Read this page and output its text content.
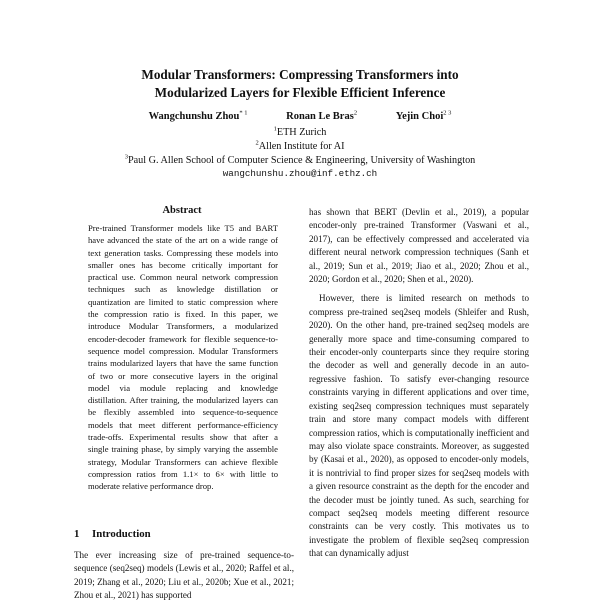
Modular Transformers: Compressing Transformers into
Modularized Layers for Flexible Efficient Inference
Wangchunshu Zhou$^{* 1}$	Ronan Le Bras$^2$	Yejin Choi$^{2 3}$
$^1$ETH Zurich
$^2$Allen Institute for AI
$^3$Paul G. Allen School of Computer Science & Engineering, University of Washington
wangchunshu.zhou@inf.ethz.ch
Abstract

Pre-trained Transformer models like T5 and BART have advanced the state of the art on a wide range of text generation tasks. Compressing these models into smaller ones has become critically important for practical use. Common neural network compression techniques such as knowledge distillation or quantization are limited to static compression where the compression ratio is fixed. In this paper, we introduce Modular Transformers, a modularized encoder-decoder framework for flexible sequence-to-sequence model compression. Modular Transformers trains modularized layers that have the same function of two or more consecutive layers in the original model via module replacing and knowledge distillation. After training, the modularized layers can be flexibly assembled into sequence-to-sequence models that meet different performance-efficiency trade-offs. Experimental results show that after a single training phase, by simply varying the assemble strategy, Modular Transformers can achieve flexible compression ratios from 1.1× to 6× with little to moderate relative performance drop.

1 Introduction

The ever increasing size of pre-trained sequence-to-sequence (seq2seq) models (Lewis et al., 2020; Raffel et al., 2019; Zhang et al., 2020; Liu et al., 2020b; Xue et al., 2021; Zhou et al., 2021) has supported

has shown that BERT (Devlin et al., 2019), a popular encoder-only pre-trained Transformer (Vaswani et al., 2017), can be effectively compressed and accelerated via different neural network compression techniques (Sanh et al., 2019; Sun et al., 2019; Jiao et al., 2020; Zhou et al., 2020; Gordon et al., 2020; Shen et al., 2020).

However, there is limited research on methods to compress pre-trained seq2seq models (Shleifer and Rush, 2020). On the other hand, pre-trained seq2seq models are generally more space and time-consuming compared to their encoder-only counterparts since they require storing the decoder as well and generally decode in an auto-regressive fashion. To satisfy ever-changing resource constraints varying in different applications and over time, existing seq2seq compression techniques must separately train and store many compact models with different compression ratios, which is computationally inefficient and may also violate space constraints. Moreover, as suggested by (Kasai et al., 2020), as opposed to encoder-only models, it is nontrivial to find proper sizes for seq2seq models with a given resource constraint as the depth for the encoder and the decoder must be jointly tuned. As such, searching for compact seq2seq models meeting different resource constraints can be very costly. This motivates us to investigate the problem of flexible seq2seq compression that can dynamically adjust
